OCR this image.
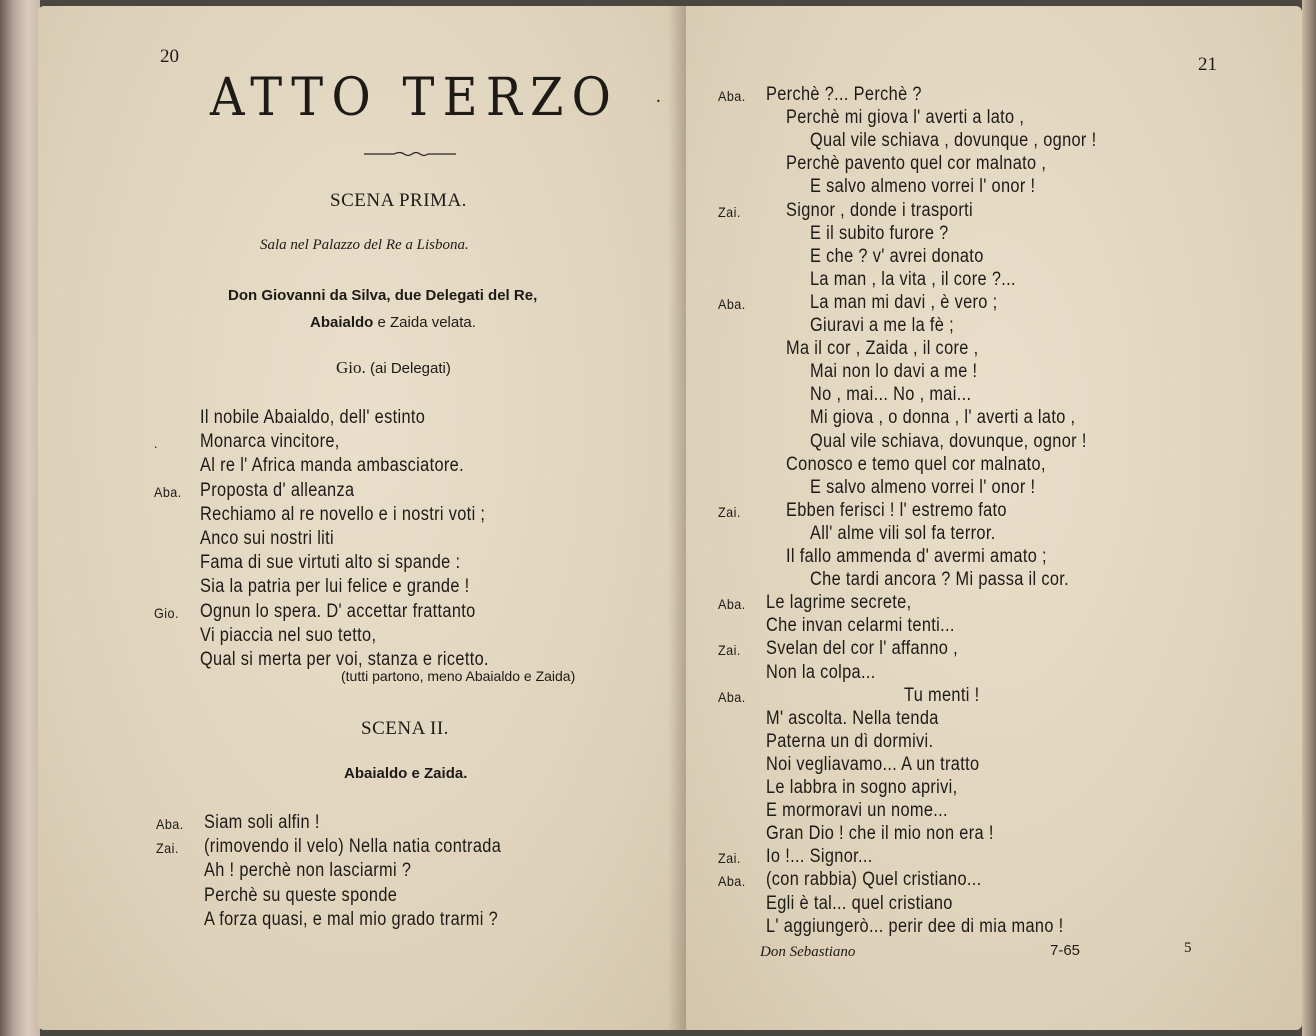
20
ATTO TERZO .
SCENA PRIMA.
Sala nel Palazzo del Re a Lisbona.
Don Giovanni da Silva, due Delegati del Re,
Abaialdo e Zaida velata.
Gio. (ai Delegati)
Il nobile Abaialdo, dell' estinto
. Monarca vincitore,
Al re l' Africa manda ambasciatore.
Aba. Proposta d' alleanza
Rechiamo al re novello e i nostri voti ;
Anco sui nostri liti
Fama di sue virtuti alto si spande :
Sia la patria per lui felice e grande !
Gio. Ognun lo spera. D' accettar frattanto
Vi piaccia nel suo tetto,
Qual si merta per voi, stanza e ricetto.
(tutti partono, meno Abaialdo e Zaida)
SCENA II.
Abaialdo e Zaida.
Aba. Siam soli alfin !
Zai. (rimovendo il velo) Nella natia contrada
Ah ! perchè non lasciarmi ?
Perchè su queste sponde
A forza quasi, e mal mio grado trarmi ?
21
Aba. Perchè ?... Perchè ?
Perchè mi giova l' averti a lato ,
Qual vile schiava , dovunque , ognor !
Perchè pavento quel cor malnato ,
E salvo almeno vorrei l' onor !
Zai. Signor , donde i trasporti
E il subito furore ?
E che ? v' avrei donato
La man , la vita , il core ?...
Aba.	La man mi davi , è vero ;
Giuravi a me la fè ;
Ma il cor , Zaida , il core ,
Mai non lo davi a me !
No , mai... No , mai...
Mi giova , o donna , l' averti a lato ,
Qual vile schiava, dovunque, ognor !
Conosco e temo quel cor malnato,
E salvo almeno vorrei l' onor !
Zai. Ebben ferisci ! l' estremo fato
All' alme vili sol fa terror.
Il fallo ammenda d' avermi amato ;
Che tardi ancora ? Mi passa il cor.
Aba. Le lagrime secrete,
Che invan celarmi tenti...
Zai. Svelan del cor l' affanno ,
Non la colpa...
Aba.	Tu menti !
M' ascolta. Nella tenda
Paterna un dì dormivi.
Noi vegliavamo... A un tratto
Le labbra in sogno aprivi,
E mormoravi un nome...
Gran Dio ! che il mio non era !
Zai. Io !... Signor...
Aba. (con rabbia) Quel cristiano...
Egli è tal... quel cristiano
L' aggiungerò... perir dee di mia mano !
Don Sebastiano	7-65	5
